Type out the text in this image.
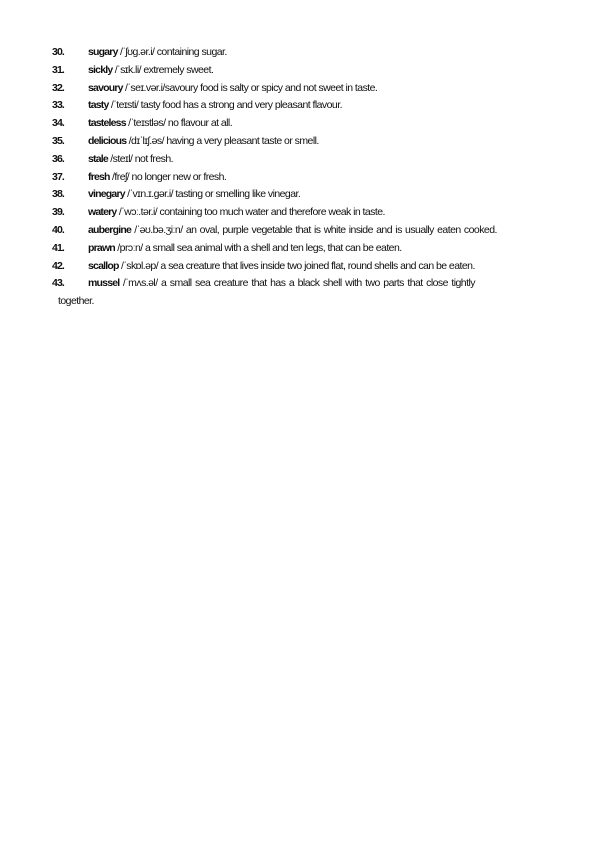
30.	sugary /ˈʃʊɡ.ər.i/ containing sugar.
31.	sickly /ˈsɪk.li/ extremely sweet.
32.	savoury /ˈseɪ.vər.i/savoury food is salty or spicy and not sweet in taste.
33.	tasty /ˈteɪsti/ tasty food has a strong and very pleasant flavour.
34.	tasteless /ˈteɪstləs/ no flavour at all.
35.	delicious /dɪˈlɪʃ.əs/ having a very pleasant taste or smell.
36.	stale /steɪl/ not fresh.
37.	fresh /freʃ/ no longer new or fresh.
38.	vinegary /ˈvɪn.ɪ.ɡər.i/ tasting or smelling like vinegar.
39.	watery /ˈwɔː.tər.i/ containing too much water and therefore weak in taste.
40.	aubergine /ˈəʊ.bə.ʒiːn/ an oval, purple vegetable that is white inside and is usually eaten cooked.
41.	prawn /prɔːn/ a small sea animal with a shell and ten legs, that can be eaten.
42.	scallop /ˈskɒl.əp/ a sea creature that lives inside two joined flat, round shells and can be eaten.
43.	mussel /ˈmʌs.əl/ a small sea creature that has a black shell with two parts that close tightly
together.
